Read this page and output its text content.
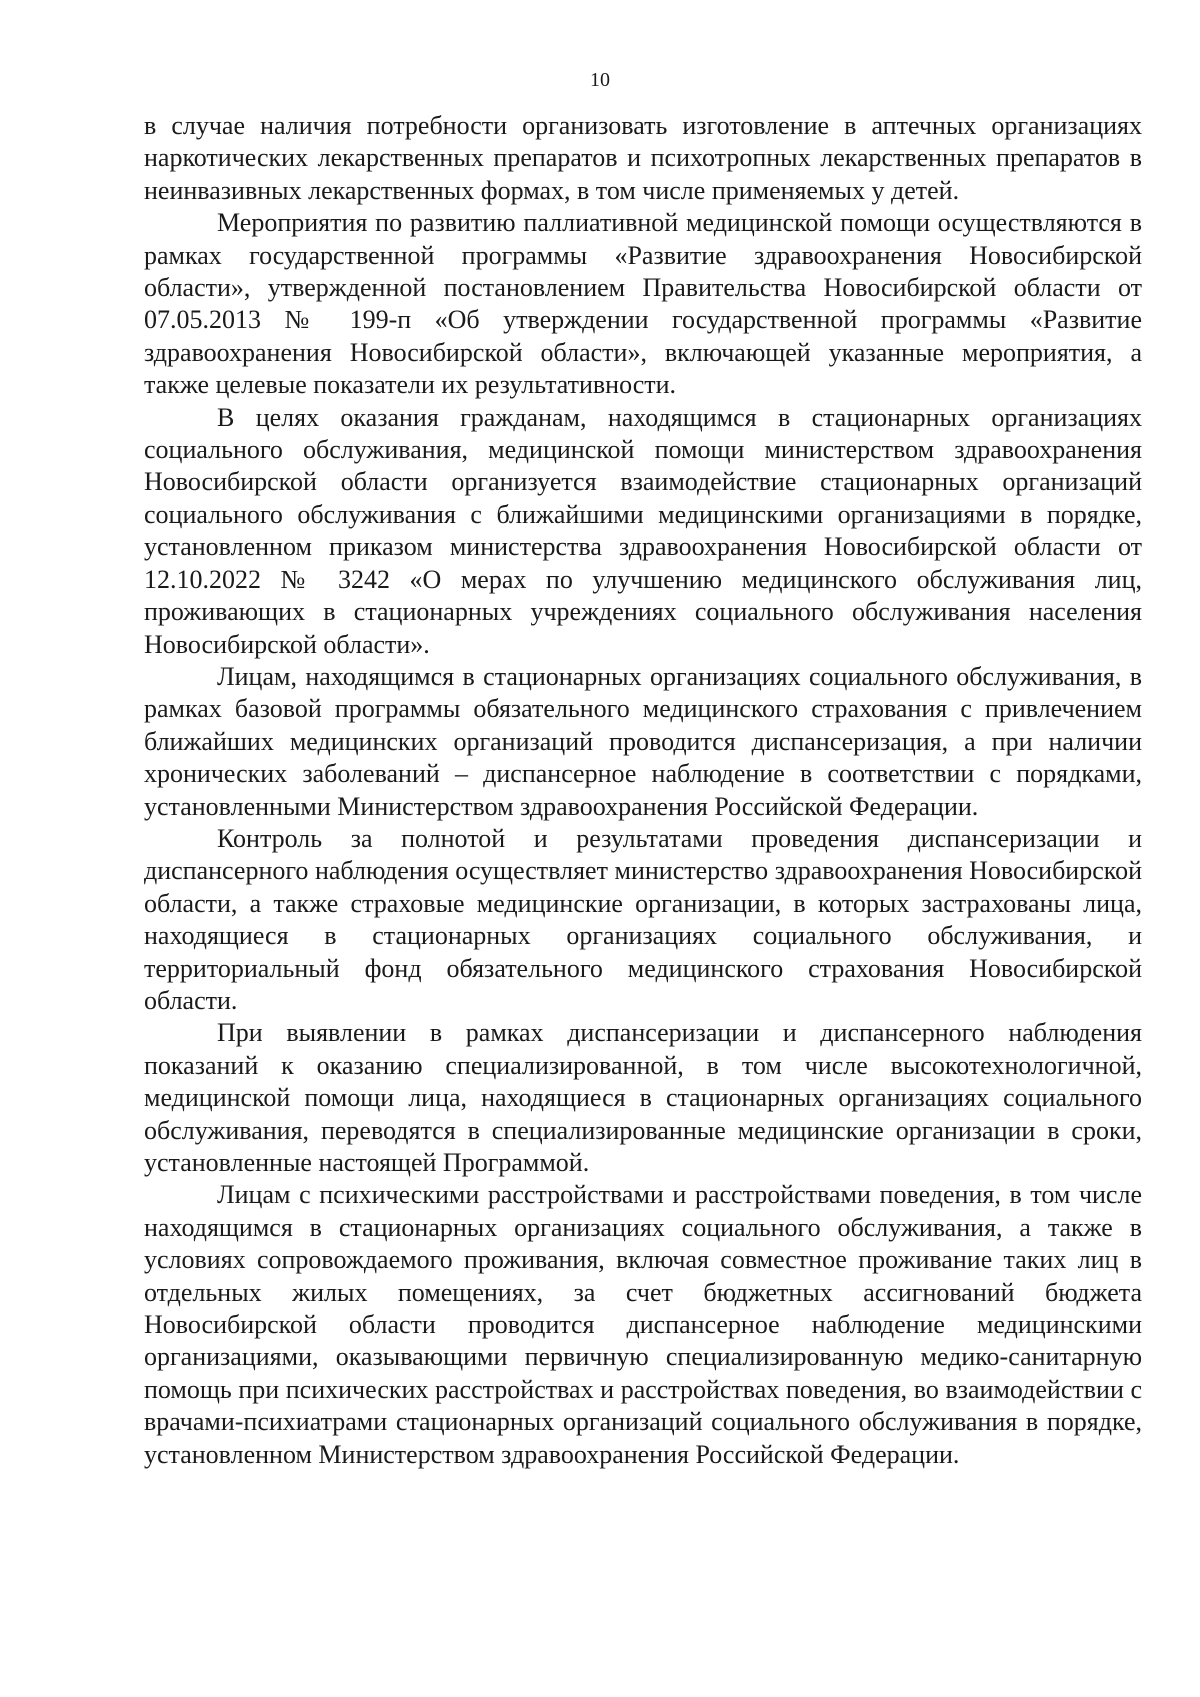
10

в случае наличия потребности организовать изготовление в аптечных организациях наркотических лекарственных препаратов и психотропных лекарственных препаратов в неинвазивных лекарственных формах, в том числе применяемых у детей.

Мероприятия по развитию паллиативной медицинской помощи осуществляются в рамках государственной программы «Развитие здравоохранения Новосибирской области», утвержденной постановлением Правительства Новосибирской области от 07.05.2013 № 199-п «Об утверждении государственной программы «Развитие здравоохранения Новосибирской области», включающей указанные мероприятия, а также целевые показатели их результативности.

В целях оказания гражданам, находящимся в стационарных организациях социального обслуживания, медицинской помощи министерством здравоохранения Новосибирской области организуется взаимодействие стационарных организаций социального обслуживания с ближайшими медицинскими организациями в порядке, установленном приказом министерства здравоохранения Новосибирской области от 12.10.2022 № 3242 «О мерах по улучшению медицинского обслуживания лиц, проживающих в стационарных учреждениях социального обслуживания населения Новосибирской области».

Лицам, находящимся в стационарных организациях социального обслуживания, в рамках базовой программы обязательного медицинского страхования с привлечением ближайших медицинских организаций проводится диспансеризация, а при наличии хронических заболеваний – диспансерное наблюдение в соответствии с порядками, установленными Министерством здравоохранения Российской Федерации.

Контроль за полнотой и результатами проведения диспансеризации и диспансерного наблюдения осуществляет министерство здравоохранения Новосибирской области, а также страховые медицинские организации, в которых застрахованы лица, находящиеся в стационарных организациях социального обслуживания, и территориальный фонд обязательного медицинского страхования Новосибирской области.

При выявлении в рамках диспансеризации и диспансерного наблюдения показаний к оказанию специализированной, в том числе высокотехнологичной, медицинской помощи лица, находящиеся в стационарных организациях социального обслуживания, переводятся в специализированные медицинские организации в сроки, установленные настоящей Программой.

Лицам с психическими расстройствами и расстройствами поведения, в том числе находящимся в стационарных организациях социального обслуживания, а также в условиях сопровождаемого проживания, включая совместное проживание таких лиц в отдельных жилых помещениях, за счет бюджетных ассигнований бюджета Новосибирской области проводится диспансерное наблюдение медицинскими организациями, оказывающими первичную специализированную медико-санитарную помощь при психических расстройствах и расстройствах поведения, во взаимодействии с врачами-психиатрами стационарных организаций социального обслуживания в порядке, установленном Министерством здравоохранения Российской Федерации.
